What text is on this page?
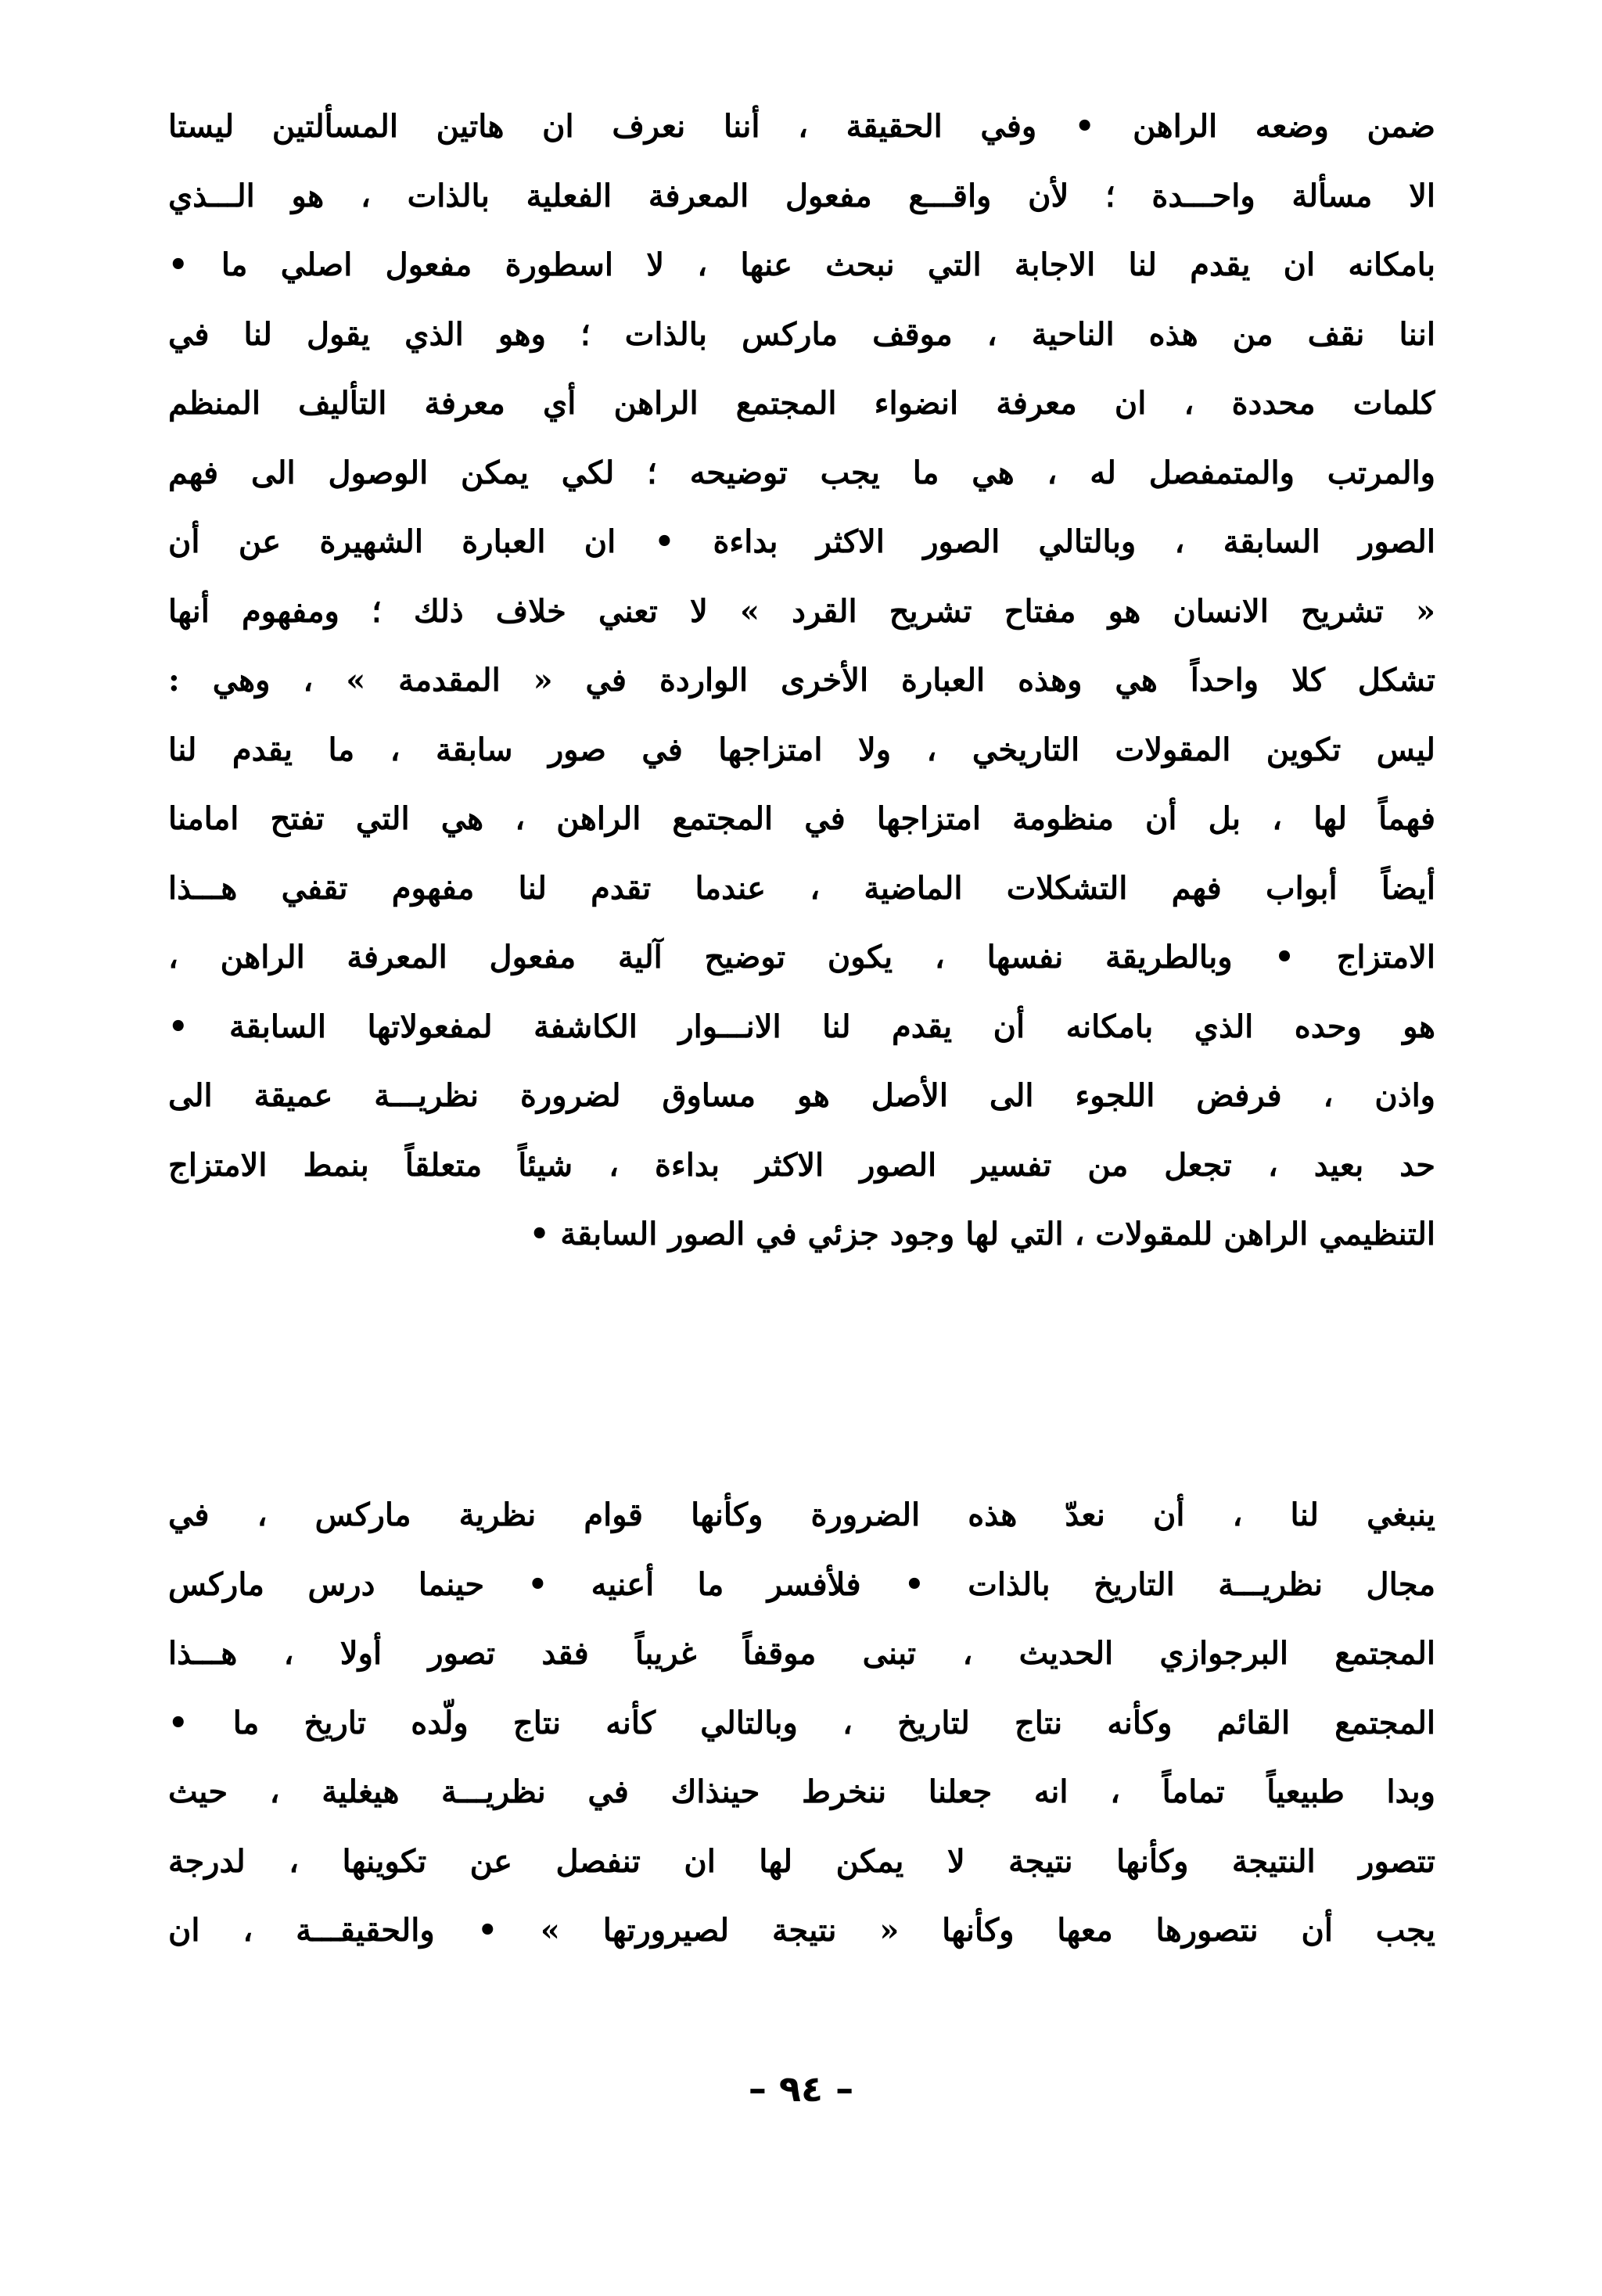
ضمن وضعه الراهن • وفي الحقيقة ، أننا نعرف ان هاتين المسألتين ليستا
الا مسألة واحـــدة ؛ لأن واقـــع مفعول المعرفة الفعلية بالذات ، هو الـــذي
بامكانه ان يقدم لنا الاجابة التي نبحث عنها ، لا اسطورة مفعول اصلي ما •
اننا نقف من هذه الناحية ، موقف ماركس بالذات ؛ وهو الذي يقول لنا في
كلمات محددة ، ان معرفة انضواء المجتمع الراهن أي معرفة التأليف المنظم
والمرتب والمتمفصل له ، هي ما يجب توضيحه ؛ لكي يمكن الوصول الى فهم
الصور السابقة ، وبالتالي الصور الاكثر بداءة • ان العبارة الشهيرة عن أن
« تشريح الانسان هو مفتاح تشريح القرد » لا تعني خلاف ذلك ؛ ومفهوم أنها
تشكل كلا واحداً هي وهذه العبارة الأخرى الواردة في « المقدمة » ، وهي :
ليس تكوين المقولات التاريخي ، ولا امتزاجها في صور سابقة ، ما يقدم لنا
فهماً لها ، بل أن منظومة امتزاجها في المجتمع الراهن ، هي التي تفتح امامنا
أيضاً أبواب فهم التشكلات الماضية ، عندما تقدم لنا مفهوم تقفي هـــذا
الامتزاج • وبالطريقة نفسها ، يكون توضيح آلية مفعول المعرفة الراهن ،
هو وحده الذي بامكانه أن يقدم لنا الانـــوار الكاشفة لمفعولاتها السابقة •
واذن ، فرفض اللجوء الى الأصل هو مساوق لضرورة نظريـــة عميقة الى
حد بعيد ، تجعل من تفسير الصور الاكثر بداءة ، شيئاً متعلقاً بنمط الامتزاج
التنظيمي الراهن للمقولات ، التي لها وجود جزئي في الصور السابقة •
ينبغي لنا ، أن نعدّ هذه الضرورة وكأنها قوام نظرية ماركس ، في
مجال نظريـــة التاريخ بالذات • فلأفسر ما أعنيه • حينما درس ماركس
المجتمع البرجوازي الحديث ، تبنى موقفاً غريباً فقد تصور أولا ، هـــذا
المجتمع القائم وكأنه نتاج لتاريخ ، وبالتالي كأنه نتاج ولّده تاريخ ما •
وبدا طبيعياً تماماً ، انه جعلنا ننخرط حينذاك في نظريـــة هيغلية ، حيث
تتصور النتيجة وكأنها نتيجة لا يمكن لها ان تنفصل عن تكوينها ، لدرجة
يجب أن نتصورها معها وكأنها « نتيجة لصيرورتها » • والحقيقـــة ، ان
– ٩٤ –
